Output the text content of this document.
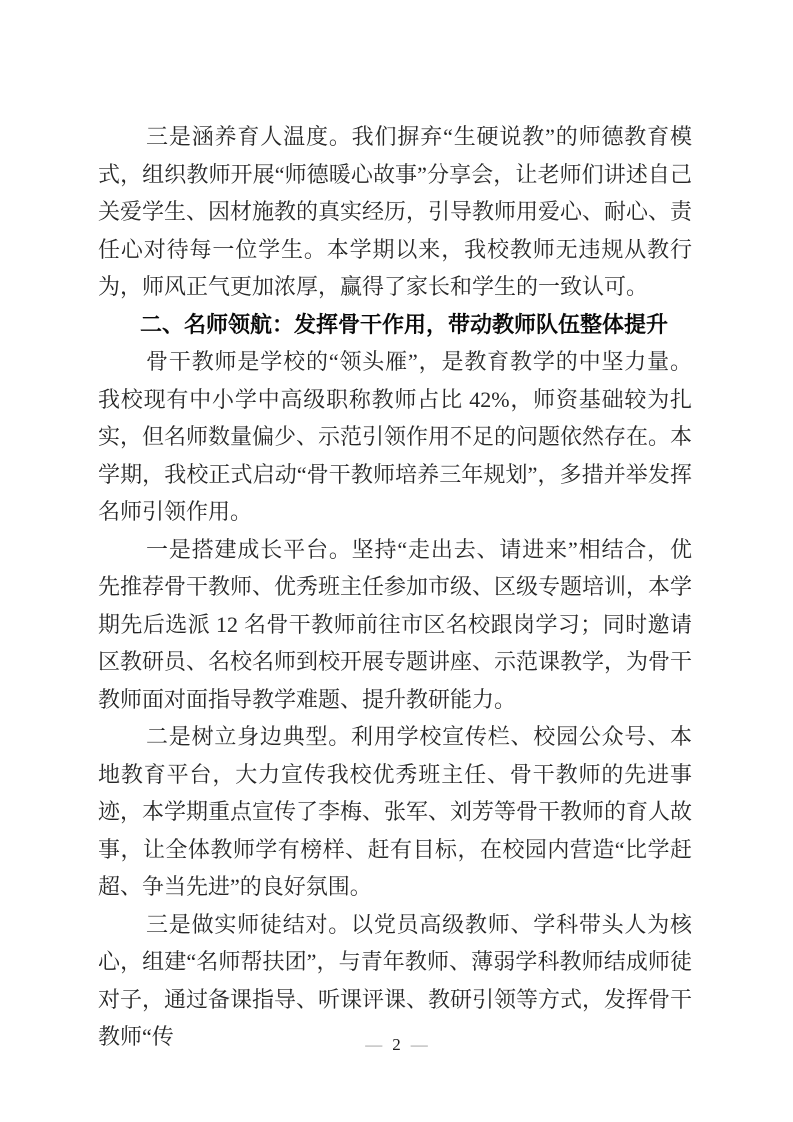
三是涵养育人温度。我们摒弃“生硬说教”的师德教育模式，组织教师开展“师德暖心故事”分享会，让老师们讲述自己关爱学生、因材施教的真实经历，引导教师用爱心、耐心、责任心对待每一位学生。本学期以来，我校教师无违规从教行为，师风正气更加浓厚，赢得了家长和学生的一致认可。

二、名师领航：发挥骨干作用，带动教师队伍整体提升

骨干教师是学校的“领头雁”，是教育教学的中坚力量。我校现有中小学中高级职称教师占比 42%，师资基础较为扎实，但名师数量偏少、示范引领作用不足的问题依然存在。本学期，我校正式启动“骨干教师培养三年规划”，多措并举发挥名师引领作用。

一是搭建成长平台。坚持“走出去、请进来”相结合，优先推荐骨干教师、优秀班主任参加市级、区级专题培训，本学期先后选派 12 名骨干教师前往市区名校跟岗学习；同时邀请区教研员、名校名师到校开展专题讲座、示范课教学，为骨干教师面对面指导教学难题、提升教研能力。

二是树立身边典型。利用学校宣传栏、校园公众号、本地教育平台，大力宣传我校优秀班主任、骨干教师的先进事迹，本学期重点宣传了李梅、张军、刘芳等骨干教师的育人故事，让全体教师学有榜样、赶有目标，在校园内营造“比学赶超、争当先进”的良好氛围。

三是做实师徒结对。以党员高级教师、学科带头人为核心，组建“名师帮扶团”，与青年教师、薄弱学科教师结成师徒对子，通过备课指导、听课评课、教研引领等方式，发挥骨干教师“传	— 2 —
